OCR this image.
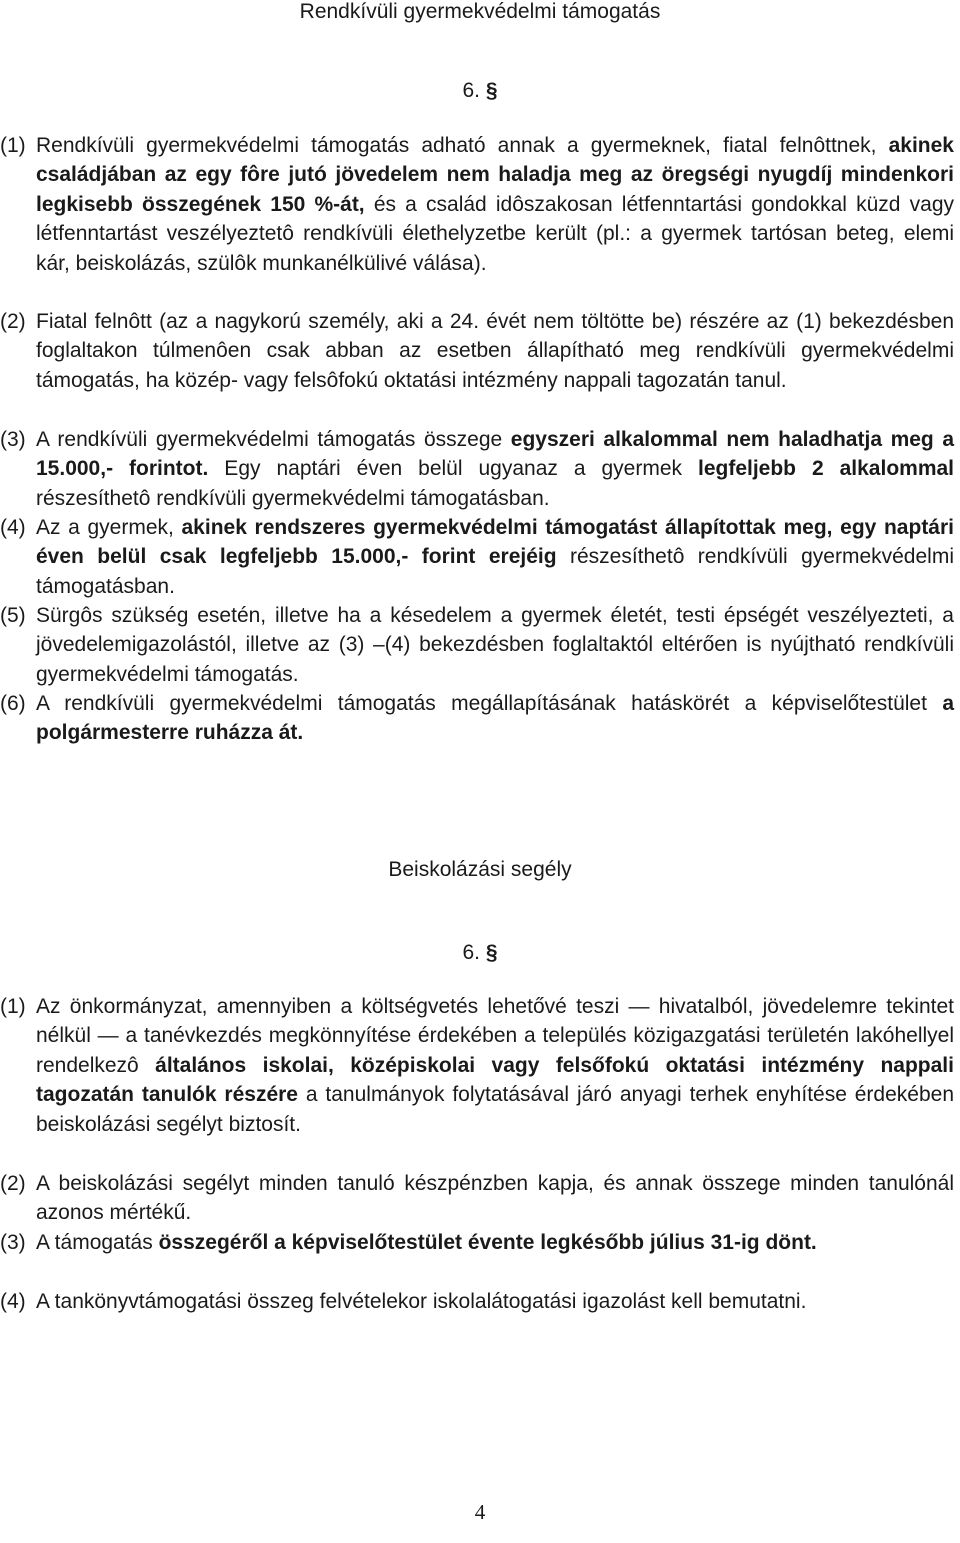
Rendkívüli gyermekvédelmi támogatás
6. §
(1) Rendkívüli gyermekvédelmi támogatás adható annak a gyermeknek, fiatal felnôttnek, akinek családjában az egy fôre jutó jövedelem nem haladja meg az öregségi nyugdíj mindenkori legkisebb összegének 150 %-át, és a család idôszakosan létfenntartási gondokkal küzd vagy létfenntartást veszélyeztetô rendkívüli élethelyzetbe került (pl.: a gyermek tartósan beteg, elemi kár, beiskolázás, szülôk munkanélkülivé válása).
(2) Fiatal felnôtt (az a nagykorú személy, aki a 24. évét nem töltötte be) részére az (1) bekezdésben foglaltakon túlmenôen csak abban az esetben állapítható meg rendkívüli gyermekvédelmi támogatás, ha közép- vagy felsôfokú oktatási intézmény nappali tagozatán tanul.
(3) A rendkívüli gyermekvédelmi támogatás összege egyszeri alkalommal nem haladhatja meg a 15.000,- forintot. Egy naptári éven belül ugyanaz a gyermek legfeljebb 2 alkalommal részesíthetô rendkívüli gyermekvédelmi támogatásban.
(4) Az a gyermek, akinek rendszeres gyermekvédelmi támogatást állapítottak meg, egy naptári éven belül csak legfeljebb 15.000,- forint erejéig részesíthetô rendkívüli gyermekvédelmi támogatásban.
(5) Sürgôs szükség esetén, illetve ha a késedelem a gyermek életét, testi épségét veszélyezteti, a jövedelemigazolástól, illetve az (3) –(4) bekezdésben foglaltaktól eltérően is nyújtható rendkívüli gyermekvédelmi támogatás.
(6) A rendkívüli gyermekvédelmi támogatás megállapításának hatáskörét a képviselőtestület a polgármesterre ruházza át.
Beiskolázási segély
6. §
(1) Az önkormányzat, amennyiben a költségvetés lehetővé teszi — hivatalból, jövedelemre tekintet nélkül — a tanévkezdés megkönnyítése érdekében a település közigazgatási területén lakóhellyel rendelkezô általános iskolai, középiskolai vagy felsőfokú oktatási intézmény nappali tagozatán tanulók részére a tanulmányok folytatásával járó anyagi terhek enyhítése érdekében beiskolázási segélyt biztosít.
(2) A beiskolázási segélyt minden tanuló készpénzben kapja, és annak összege minden tanulónál azonos mértékű.
(3) A támogatás összegéről a képviselőtestület évente legkésőbb július 31-ig dönt.
(4) A tankönyvtámogatási összeg felvételekor iskolalátogatási igazolást kell bemutatni.
4
